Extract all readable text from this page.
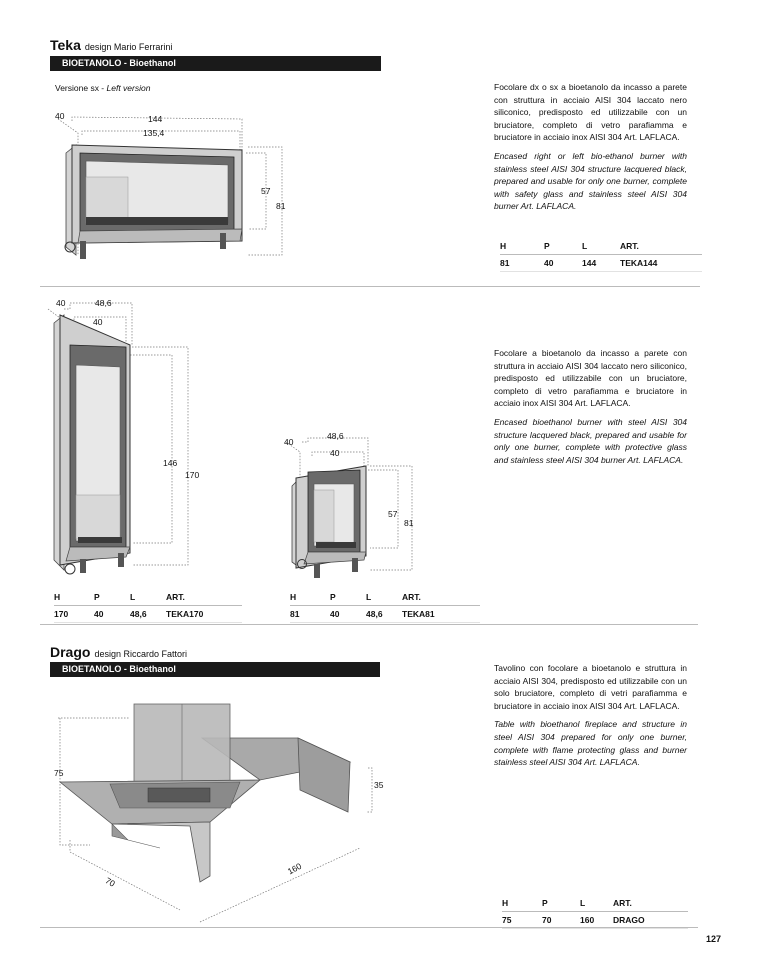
Teka design Mario Ferrarini
BIOETANOLO - Bioethanol
Versione sx - Left version
40	144
135,4
57
81

Focolare dx o sx a bioetanolo da incasso a parete con struttura in acciaio AISI 304 laccato nero siliconico, predisposto ed utilizzabile con un bruciatore, completo di vetro parafiamma e bruciatore in acciaio inox AISI 304 Art. LAFLACA.

Encased right or left bio-ethanol burner with stainless steel AISI 304 structure lacquered black, prepared and usable for only one burner, complete with safety glass and stainless steel AISI 304 burner Art. LAFLACA.

H	P	L	ART.
81	40	144	TEKA144
40	48,6
40
146
170
40
48,6
40
57
81

Focolare a bioetanolo da incasso a parete con struttura in acciaio AISI 304 laccato nero siliconico, predisposto ed utilizzabile con un bruciatore, completo di vetro parafiamma e bruciatore in acciaio inox AISI 304 Art. LAFLACA.

Encased bioethanol burner with steel AISI 304 structure lacquered black, prepared and usable for only one burner, complete with protective glass and stainless steel AISI 304 burner Art. LAFLACA.

H	P	L	ART.
170	40	48,6	TEKA170
H	P	L	ART.
81	40	48,6	TEKA81
Drago design Riccardo Fattori
BIOETANOLO - Bioethanol
75
35
70
160

Tavolino con focolare a bioetanolo e struttura in acciaio AISI 304, predisposto ed utilizzabile con un solo bruciatore, completo di vetri parafiamma e bruciatore in acciaio inox AISI 304 Art. LAFLACA.

Table with bioethanol fireplace and structure in steel AISI 304 prepared for only one burner, complete with flame protecting glass and burner stainless steel AISI 304 Art. LAFLACA.

H	P	L	ART.
75	70	160	DRAGO
127
